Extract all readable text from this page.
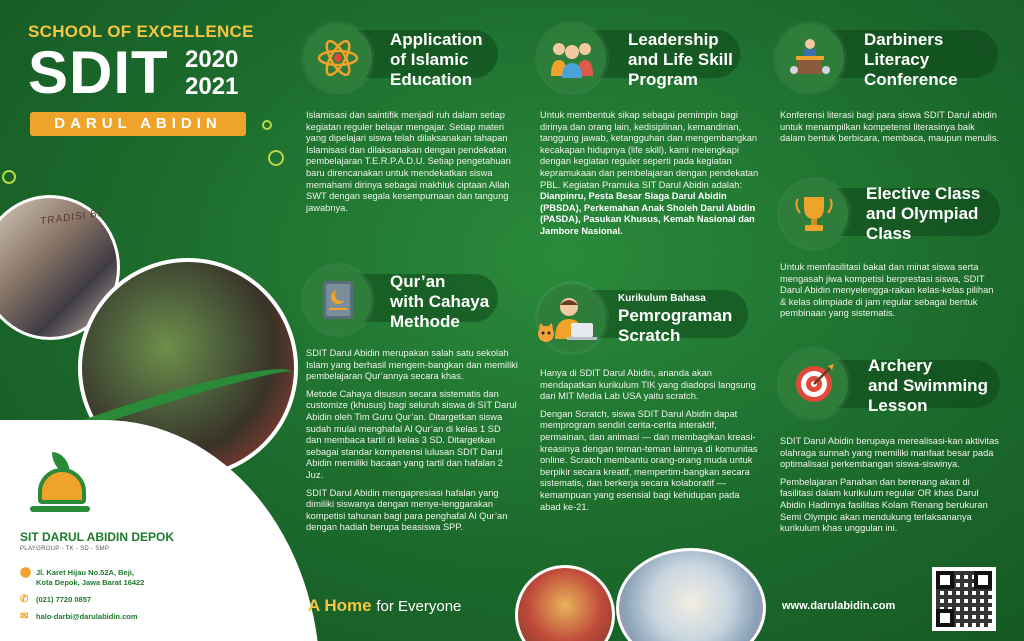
SCHOOL OF EXCELLENCE
SDIT 2020
2021
DARUL ABIDIN
TRADISI BE
SIT DARUL ABIDIN DEPOK
PLAYGROUP - TK - SD - SMP
⬤ Jl. Karet Hijau No.52A, Beji,
Kota Depok, Jawa Barat 16422
✆ (021) 7720 0857
✉ halo-darbi@darulabidin.com
Application
of Islamic
Education

Islamisasi dan saintifik menjadi ruh dalam setiap kegiatan reguler belajar mengajar. Setiap materi yang dipelajari siswa telah dilaksanakan tahapan Islamisasi dan dilaksanakan dengan pendekatan pembelajaran T.E.R.P.A.D.U. Setiap pengetahuan baru direncanakan untuk mendekatkan siswa memahami dirinya sebagai makhluk ciptaan Allah SWT dengan segala kesempurnaan dan tangung jawabnya.

Leadership
and Life Skill
Program

Untuk membentuk sikap sebagai pemimpin bagi dirinya dan orang lain, kedisiplinan, kemandirian, tanggung jawab, ketangguhan dan mengembangkan kecakapan hidupnya (life skill), kami melengkapi dengan kegiatan reguler seperti pada kegiatan kepramukaan dan pembelajaran dengan pendekatan PBL. Kegiatan Pramuka SIT Darul Abidin adalah: Dianpinru, Pesta Besar Siaga Darul Abidin (PBSDA), Perkemahan Anak Sholeh Darul Abidin (PASDA), Pasukan Khusus, Kemah Nasional dan Jambore Nasional.

Darbiners
Literacy
Conference

Konferensi literasi bagi para siswa SDIT Darul abidin untuk menampilkan kompetensi literasinya baik dalam bentuk berbicara, membaca, maupun menulis.

Qur’an
with Cahaya
Methode

SDIT Darul Abidin merupakan salah satu sekolah Islam yang berhasil mengem-bangkan dan memiliki pembelajaran Qur’annya secara khas.

Metode Cahaya disusun secara sistematis dan customize (khusus) bagi seluruh siswa di SIT Darul Abidin oleh Tim Guru Qur’an. Ditargetkan siswa sudah mulai menghafal Al Qur’an di kelas 1 SD dan membaca tartil di kelas 3 SD. Ditargetkan sebagai standar kompetensi lulusan SDIT Darul Abidin memiliki bacaan yang tartil dan hafalan 2 Juz.

SDIT Darul Abidin mengapresiasi hafalan yang dimiliki siswanya dengan menye-lenggarakan kompetisi tahunan bagi para penghafal Al Qur’an dengan hadiah berupa beasiswa SPP.

Kurikulum Bahasa
Pemrograman
Scratch

Hanya di SDIT Darul Abidin, ananda akan mendapatkan kurikulum TIK yang diadopsi langsung dari MIT Media Lab USA yaitu scratch.

Dengan Scratch, siswa SDIT Darul Abidin dapat memprogram sendiri cerita-cerita interaktif, permainan, dan animasi — dan membagikan kreasi-kreasinya dengan teman-teman lainnya di komunitas online. Scratch membantu orang-orang muda untuk berpikir secara kreatif, mempertim-bangkan secara sistematis, dan berkerja secara kolaboratif — kemampuan yang esensial bagi kehidupan pada abad ke-21.

Elective Class
and Olympiad
Class

Untuk memfasilitasi bakat dan minat siswa serta mengasah jiwa kompetisi berprestasi siswa, SDIT Darul Abidin menyelengga-rakan kelas-kelas pilihan & kelas olimpiade di jam regular sebagai bentuk pembinaan yang sistematis.

Archery
and Swimming
Lesson

SDIT Darul Abidin berupaya merealisasi-kan aktivitas olahraga sunnah yang memiliki manfaat besar pada optimalisasi perkembangan siswa-siswinya.

Pembelajaran Panahan dan berenang akan di fasilitasi dalam kurikulum regular OR khas Darul Abidin Hadirnya fasilitas Kolam Renang berukuran Semi Olympic akan mendukung terlaksananya kurikulum khas unggulan ini.

A Home for Everyone	www.darulabidin.com
